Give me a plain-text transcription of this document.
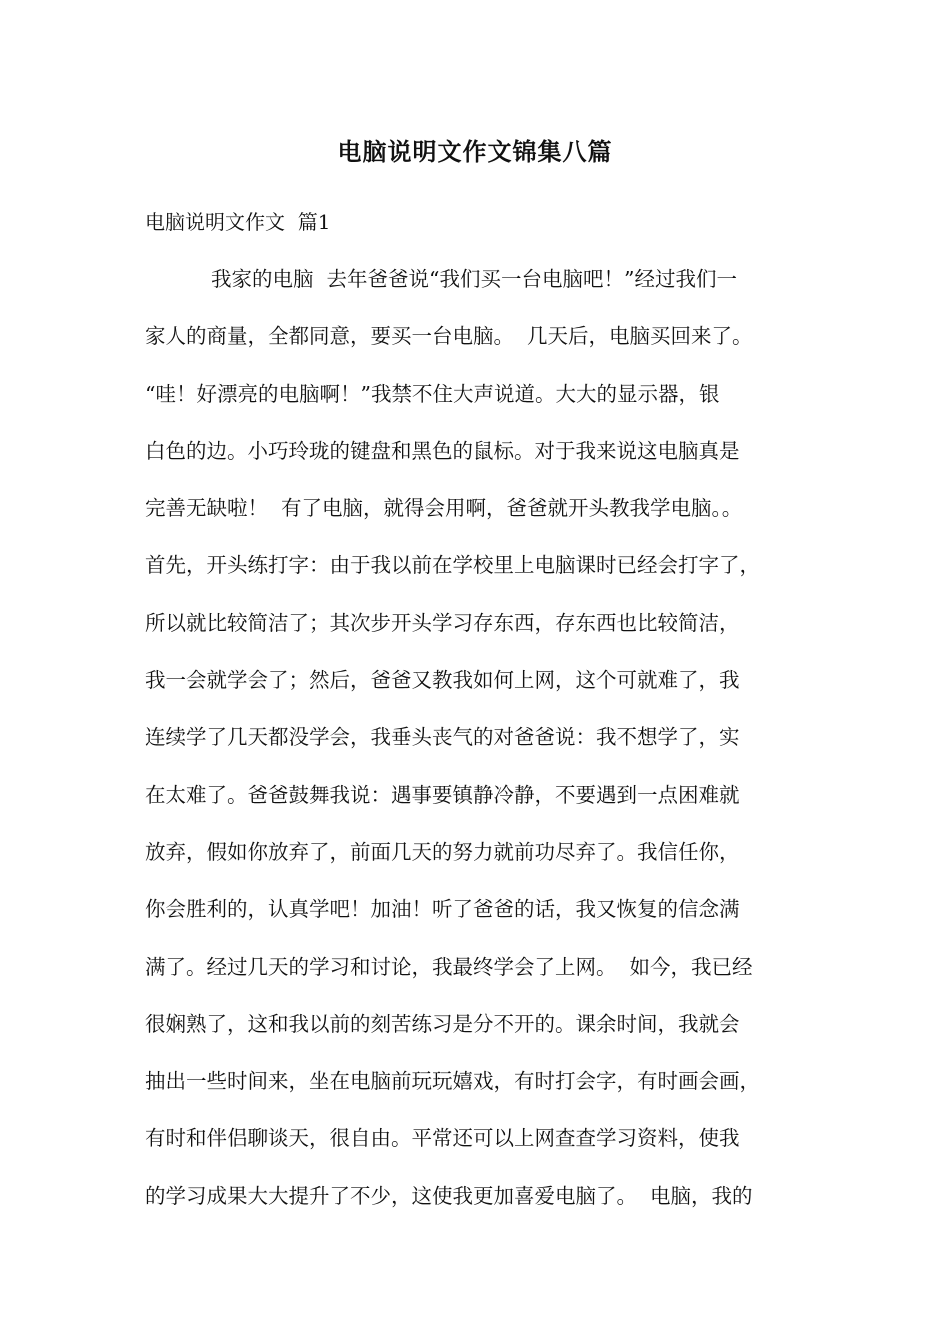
电脑说明文作文锦集八篇
电脑说明文作文  篇1
我家的电脑  去年爸爸说“我们买一台电脑吧！”经过我们一
家人的商量，全都同意，要买一台电脑。  几天后，电脑买回来了。
“哇！好漂亮的电脑啊！”我禁不住大声说道。大大的显示器，银
白色的边。小巧玲珑的键盘和黑色的鼠标。对于我来说这电脑真是
完善无缺啦！  有了电脑，就得会用啊，爸爸就开头教我学电脑。。
首先，开头练打字：由于我以前在学校里上电脑课时已经会打字了，
所以就比较简洁了；其次步开头学习存东西，存东西也比较简洁，
我一会就学会了；然后，爸爸又教我如何上网，这个可就难了，我
连续学了几天都没学会，我垂头丧气的对爸爸说：我不想学了，实
在太难了。爸爸鼓舞我说：遇事要镇静冷静，不要遇到一点困难就
放弃，假如你放弃了，前面几天的努力就前功尽弃了。我信任你，
你会胜利的，认真学吧！加油！听了爸爸的话，我又恢复的信念满
满了。经过几天的学习和讨论，我最终学会了上网。  如今，我已经
很娴熟了，这和我以前的刻苦练习是分不开的。课余时间，我就会
抽出一些时间来，坐在电脑前玩玩嬉戏，有时打会字，有时画会画，
有时和伴侣聊谈天，很自由。平常还可以上网查查学习资料，使我
的学习成果大大提升了不少，这使我更加喜爱电脑了。  电脑，我的
